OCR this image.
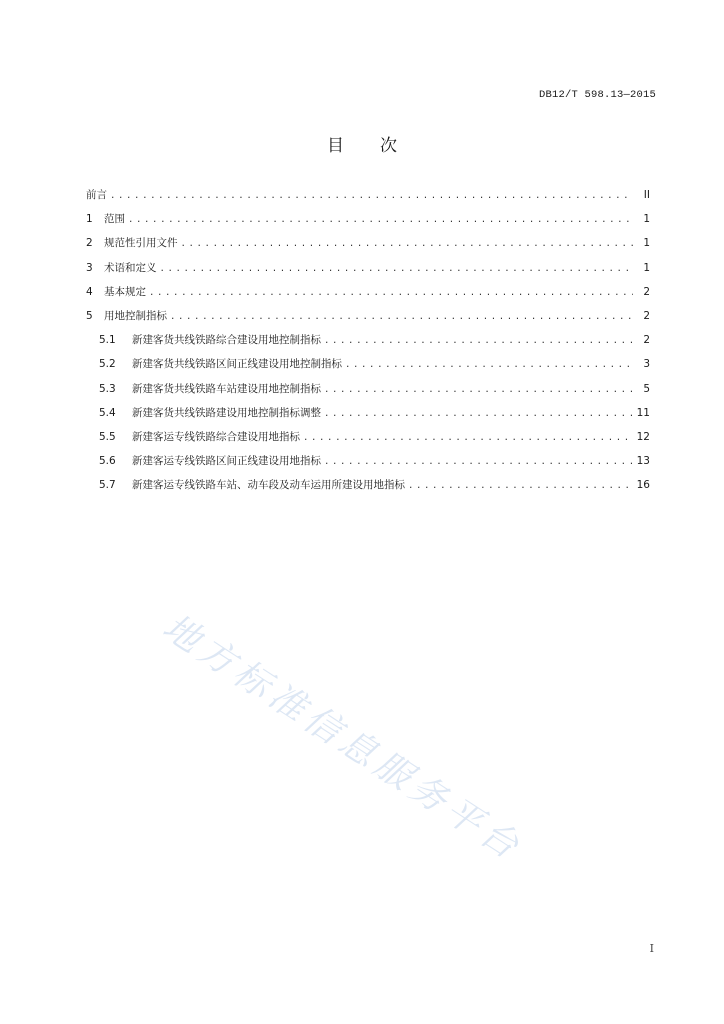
DB12/T 598.13—2015
目 次
前言 .....	II
1	范围 .....	1
2	规范性引用文件 .....	1
3	术语和定义 .....	1
4	基本规定 .....	2
5	用地控制指标 .....	2
5.1	新建客货共线铁路综合建设用地控制指标 .....	2
5.2	新建客货共线铁路区间正线建设用地控制指标 .....	3
5.3	新建客货共线铁路车站建设用地控制指标 .....	5
5.4	新建客货共线铁路建设用地控制指标调整 .....	11
5.5	新建客运专线铁路综合建设用地指标 .....	12
5.6	新建客运专线铁路区间正线建设用地指标 .....	13
5.7	新建客运专线铁路车站、动车段及动车运用所建设用地指标 .....	16
地方标准信息服务平台
I
